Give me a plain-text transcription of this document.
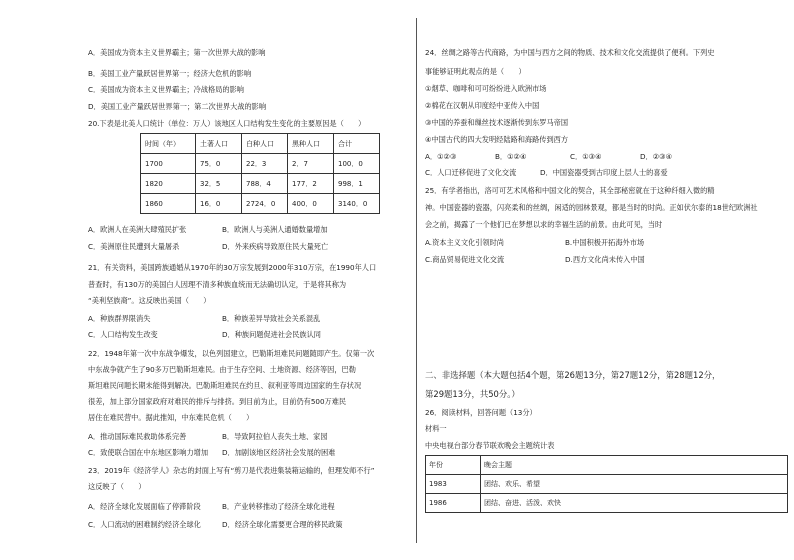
A．美国成为资本主义世界霸主；第一次世界大战的影响
B．美国工业产量跃居世界第一；经济大危机的影响
C．美国成为资本主义世界霸主；冷战格局的影响
D．美国工业产量跃居世界第一；第二次世界大战的影响
20.下表是北美人口统计（单位：万人）该地区人口结构发生变化的主要原因是（　　）
时间（年）	土著人口	白种人口	黑种人口	合计
1700	75．0	22．3	2．7	100．0
1820	32．5	788．4	177．2	998．1
1860	16．0	2724．0	400．0	3140．0
A．欧洲人在美洲大肆殖民扩张	B．欧洲人与美洲人通婚数量增加
C．美洲原住民遭到大量屠杀	D．外来疾病导致原住民大量死亡
21．有关资料，美国跨族通婚从1970年的30万宗发展到2000年310万宗，在1990年人口
普查时，有130万的美国白人因理不清多种族血统而无法确切认定，于是将其称为
“美利坚族裔”。这反映出美国（　　）
A．种族群界限消失	B．种族差异导致社会关系混乱
C．人口结构发生改变	D．种族问题促进社会民族认同
22．1948年第一次中东战争爆发，以色列国建立，巴勒斯坦难民问题随即产生。仅第一次
中东战争就产生了90多万巴勒斯坦难民。由于生存空间、土地资源、经济等因，巴勒
斯坦难民问题长期未能得到解决。巴勒斯坦难民在约旦、叙利亚等周边国家的生存状况
很差，加上部分国家政府对难民的排斥与排挤。到目前为止，目前仍有500万难民
居住在难民营中。据此推知，中东难民危机（　　）
A．推动国际难民救助体系完善	B．导致阿拉伯人丧失土地、家园
C．致使联合国在中东地区影响力增加 D．加剧该地区经济社会发展的困难
23．2019年《经济学人》杂志的封面上写有“剪刀是代表进集装箱运输的，但理发师不行”
这反映了（　　）
A．经济全球化发展面临了停滞阶段	B．产业转移推动了经济全球化进程
C．人口流动的困难制约经济全球化	D．经济全球化需要更合理的移民政策
24．丝绸之路等古代商路，为中国与西方之间的物质、技术和文化交流提供了便利。下列史
事能够证明此观点的是（　　）
①烟草、咖啡和可可纷纷进入欧洲市场
②棉花在汉朝从印度经中亚传入中国
③中国的养蚕和缫丝技术逐渐传到东罗马帝国
④中国古代的四大发明经陆路和海路传到西方
A．①②③	B．①②④	C．①③④	D．②③④
C．人口迁移促进了文化交流	D．中国瓷器受到古印度上层人士的喜爱
25．有学者指出，洛可可艺术风格和中国文化的契合，其全部秘密就在于这种纤细入微的精
神。中国瓷器的瓷器，闪亮柔和的丝绸，闲适的园林景观，都是当时的时尚。正如伏尔泰的18世纪欧洲社
会之前，揭露了一个他们已在梦想以求的幸福生活的前景。由此可见，当时
A.资本主义文化引领时尚	B.中国积极开拓海外市场
C.商品贸易促进文化交流	D.西方文化尚未传入中国
二、非选择题（本大题包括4个题，第26题13分，第27题12分，第28题12分，
第29题13分，共50分。）
26．阅读材料，回答问题（13分）
材料一
中央电视台部分春节联欢晚会主题统计表
年份	晚会主题
1983	团结、欢乐、希望
1986	团结、奋进、活泼、欢快
